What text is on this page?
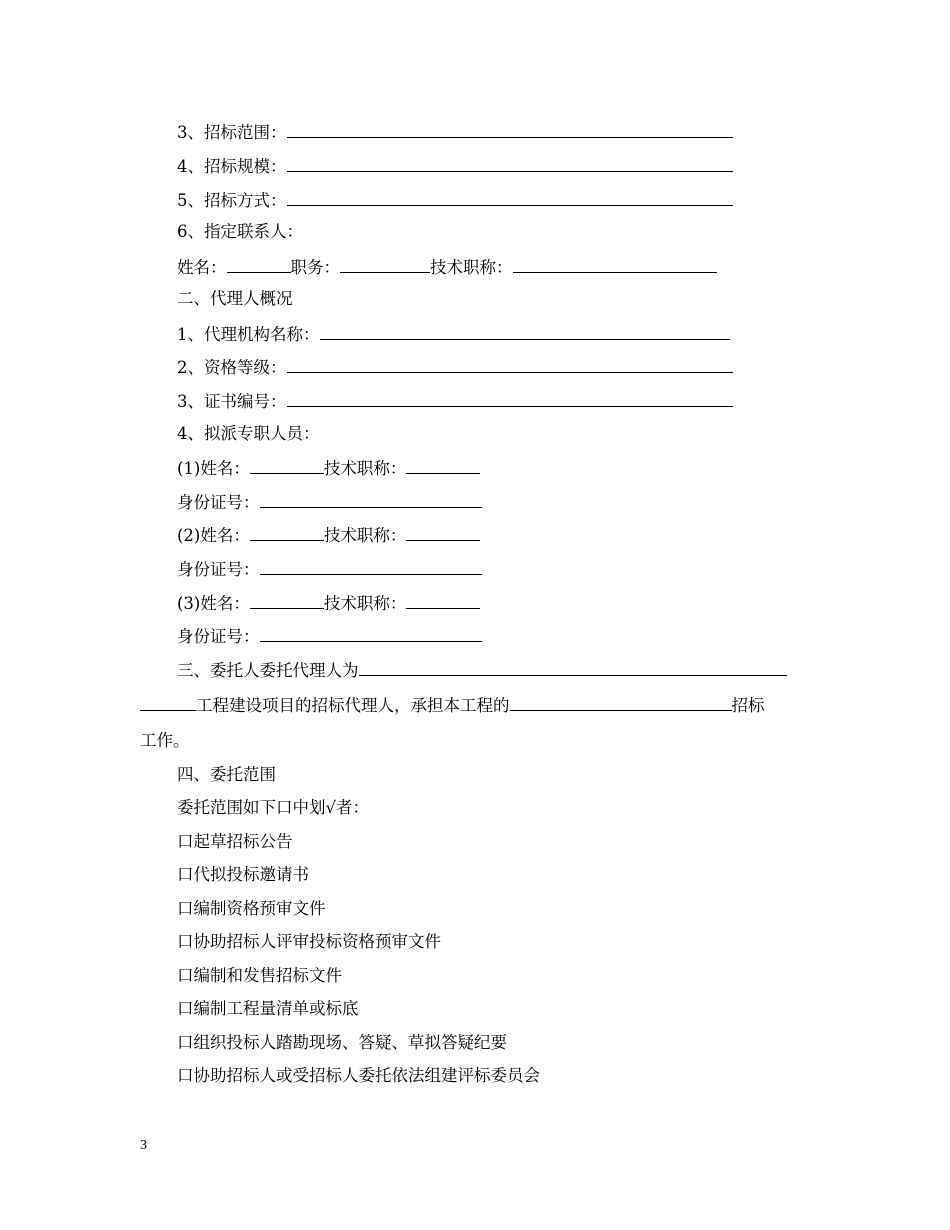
3、招标范围：
4、招标规模：
5、招标方式：
6、指定联系人：
姓名：	职务：	技术职称：
二、代理人概况
1、代理机构名称：
2、资格等级：
3、证书编号：
4、拟派专职人员：
(1)姓名：	技术职称：
身份证号：
(2)姓名：	技术职称：
身份证号：
(3)姓名：	技术职称：
身份证号：
三、委托人委托代理人为
工程建设项目的招标代理人，承担本工程的	招标
工作。
四、委托范围
委托范围如下口中划√者：
口起草招标公告
口代拟投标邀请书
口编制资格预审文件
口协助招标人评审投标资格预审文件
口编制和发售招标文件
口编制工程量清单或标底
口组织投标人踏勘现场、答疑、草拟答疑纪要
口协助招标人或受招标人委托依法组建评标委员会
3
